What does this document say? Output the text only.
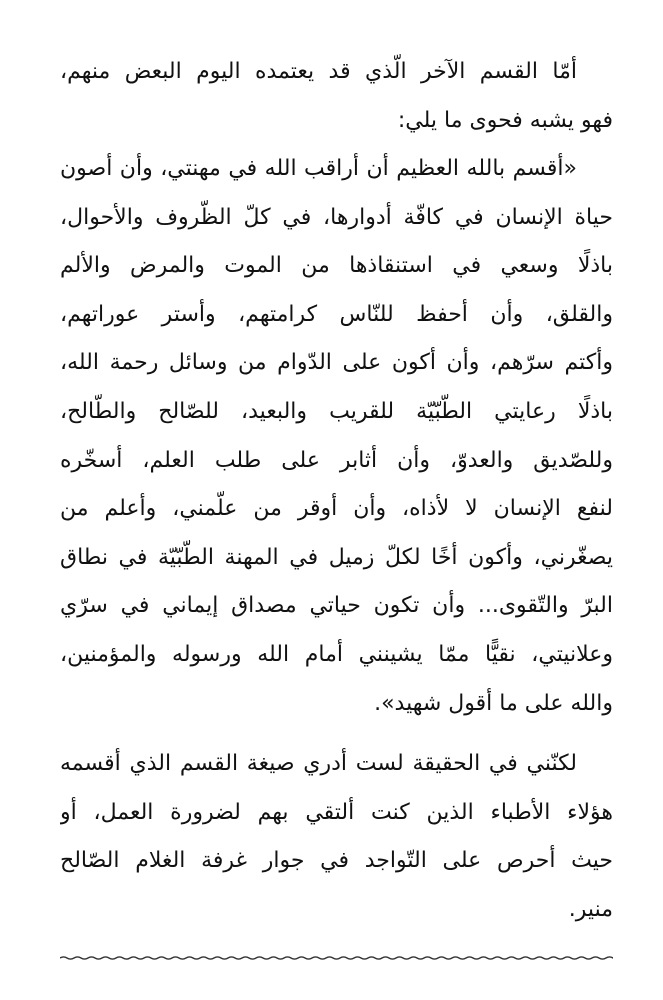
أمّا القسم الآخر الّذي قد يعتمده اليوم البعض منهم،
فهو يشبه فحوى ما يلي:
«أقسم بالله العظيم أن أراقب الله في مهنتي، وأن أصون
حياة الإنسان في كافّة أدوارها، في كلّ الظّروف والأحوال،
باذلًا وسعي في استنقاذها من الموت والمرض والألم
والقلق، وأن أحفظ للنّاس كرامتهم، وأستر عوراتهم،
وأكتم سرّهم، وأن أكون على الدّوام من وسائل رحمة الله،
باذلًا رعايتي الطّبّيّة للقريب والبعيد، للصّالح والطّالح،
وللصّديق والعدوّ، وأن أثابر على طلب العلم، أسخّره
لنفع الإنسان لا لأذاه، وأن أوقر من علّمني، وأعلم من
يصغّرني، وأكون أخًا لكلّ زميل في المهنة الطّبّيّة في نطاق
البرّ والتّقوى... وأن تكون حياتي مصداق إيماني في سرّي
وعلانيتي، نقيًّا ممّا يشينني أمام الله ورسوله والمؤمنين،
والله على ما أقول شهيد».
لكنّني في الحقيقة لست أدري صيغة القسم الذي أقسمه
هؤلاء الأطباء الذين كنت ألتقي بهم لضرورة العمل، أو
حيث أحرص على التّواجد في جوار غرفة الغلام الصّالح
منير.
